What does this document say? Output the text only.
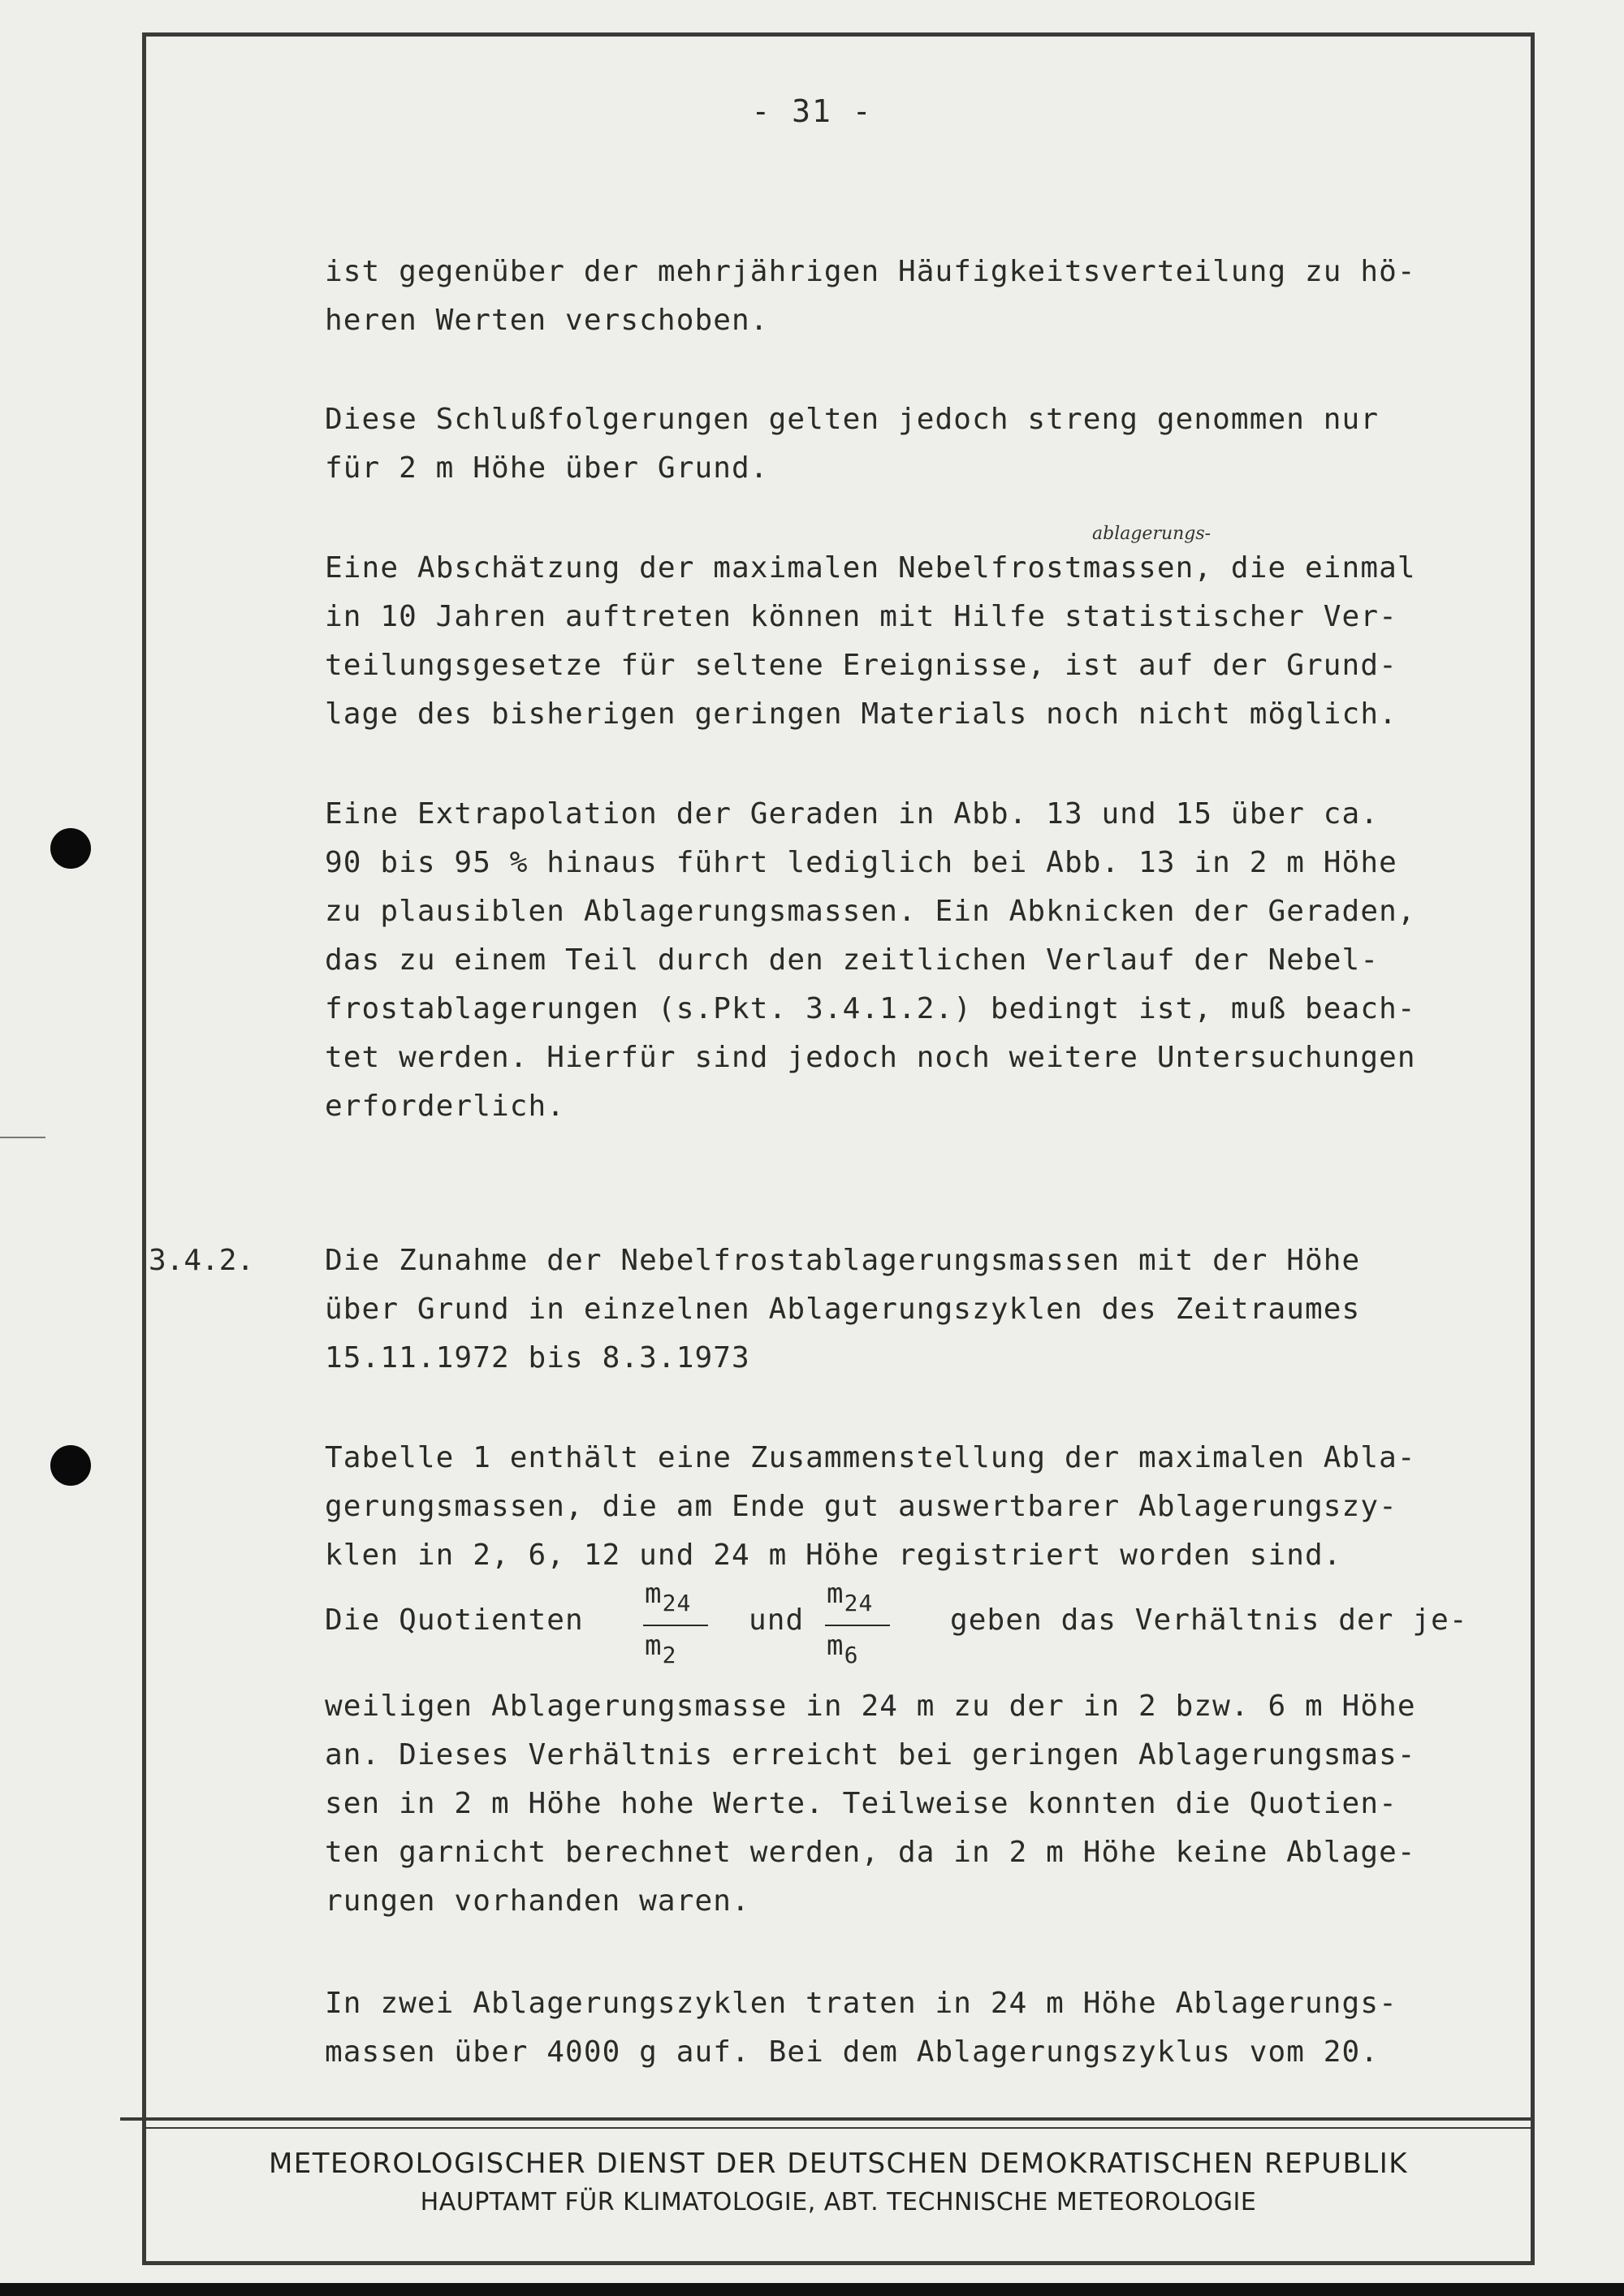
- 31 -

ist gegenüber der mehrjährigen Häufigkeitsverteilung zu hö-
heren Werten verschoben.

Diese Schlußfolgerungen gelten jedoch streng genommen nur
für 2 m Höhe über Grund.

ablagerungs-

Eine Abschätzung der maximalen Nebelfrostmassen, die einmal
in 10 Jahren auftreten können mit Hilfe statistischer Ver-
teilungsgesetze für seltene Ereignisse, ist auf der Grund-
lage des bisherigen geringen Materials noch nicht möglich.

Eine Extrapolation der Geraden in Abb. 13 und 15 über ca.
90 bis 95 % hinaus führt lediglich bei Abb. 13 in 2 m Höhe
zu plausiblen Ablagerungsmassen. Ein Abknicken der Geraden,
das zu einem Teil durch den zeitlichen Verlauf der Nebel-
frostablagerungen (s.Pkt. 3.4.1.2.) bedingt ist, muß beach-
tet werden. Hierfür sind jedoch noch weitere Untersuchungen
erforderlich.

3.4.2. Die Zunahme der Nebelfrostablagerungsmassen mit der Höhe
über Grund in einzelnen Ablagerungszyklen des Zeitraumes
15.11.1972 bis 8.3.1973

Tabelle 1 enthält eine Zusammenstellung der maximalen Abla-
gerungsmassen, die am Ende gut auswertbarer Ablagerungszy-
klen in 2, 6, 12 und 24 m Höhe registriert worden sind.

Die Quotienten
$m_{24}$
$m_2$
und
$m_{24}$
$m_6$
geben das Verhältnis der je-

weiligen Ablagerungsmasse in 24 m zu der in 2 bzw. 6 m Höhe
an. Dieses Verhältnis erreicht bei geringen Ablagerungsmas-
sen in 2 m Höhe hohe Werte. Teilweise konnten die Quotien-
ten garnicht berechnet werden, da in 2 m Höhe keine Ablage-
rungen vorhanden waren.

In zwei Ablagerungszyklen traten in 24 m Höhe Ablagerungs-
massen über 4000 g auf. Bei dem Ablagerungszyklus vom 20.

METEOROLOGISCHER DIENST DER DEUTSCHEN DEMOKRATISCHEN REPUBLIK
HAUPTAMT FÜR KLIMATOLOGIE, ABT. TECHNISCHE METEOROLOGIE
